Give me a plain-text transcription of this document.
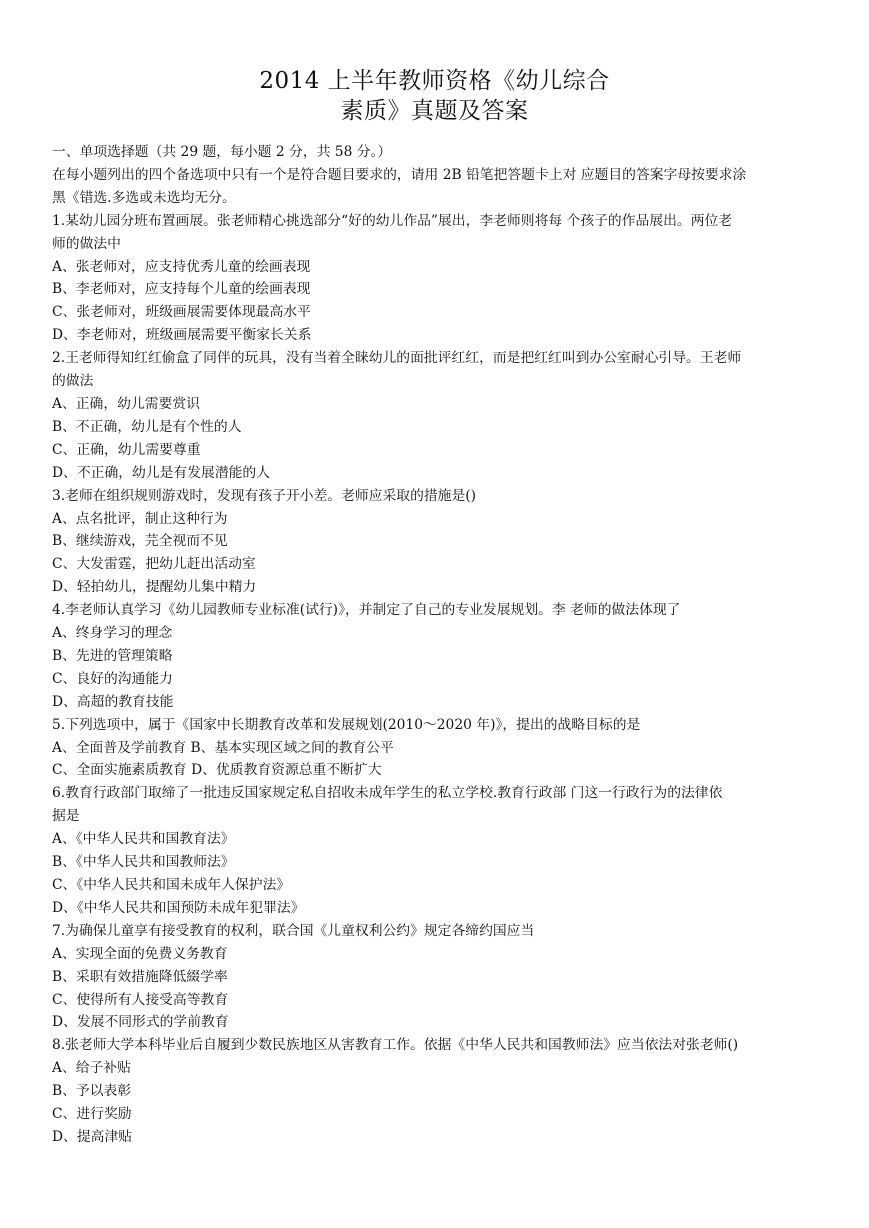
2014 上半年教师资格《幼儿综合
素质》真题及答案
一、单项选择题（共 29 题，每小题 2 分，共 58 分。）
在每小题列出的四个备选项中只有一个是符合题目要求的，请用 2B 铅笔把答题卡上对 应题目的答案字母按要求涂
黑《错选.多选或未选均无分。
1.某幼儿园分班布置画展。张老师精心挑选部分“好的幼儿作品”展出，李老师则将每 个孩子的作品展出。两位老
师的做法中
A、张老师对，应支持优秀儿童的绘画表现
B、李老师对，应支持每个儿童的绘画表现
C、张老师对，班级画展需要体现最高水平
D、李老师对，班级画展需要平衡家长关系
2.王老师得知红红偷盒了同伴的玩具，没有当着全睐幼儿的面批评红红，而是把红红叫到办公室耐心引导。王老师
的做法
A、正确，幼儿需要赏识
B、不正确，幼儿是有个性的人
C、正确，幼儿需要尊重
D、不正确，幼儿是有发展潜能的人
3.老师在组织规则游戏时，发现有孩子开小差。老师应采取的措施是()
A、点名批评，制止这种行为
B、继续游戏，芫全视而不见
C、大发雷霆，把幼儿赶出活动室
D、轻拍幼儿，提醒幼儿集中精力
4.李老师认真学习《幼儿园教师专业标准(试行)》，并制定了自己的专业发展规划。李 老师的做法体现了
A、终身学习的理念
B、先进的管理策略
C、良好的沟通能力
D、高超的教育技能
5.下列选项中，属于《国家中长期教育改革和发展规划(2010～2020 年)》，提出的战略目标的是
A、全面普及学前教育 B、基本实现区域之间的教育公平
C、全面实施素质教育 D、优质教育资源总重不断扩大
6.教育行政部门取缔了一批违反国家规定私自招收未成年学生的私立学校.教育行政部 门这一行政行为的法律依
据是
A、《中华人民共和国教育法》
B、《中华人民共和国教师法》
C、《中华人民共和国未成年人保护法》
D、《中华人民共和国预防未成年犯罪法》
7.为确保儿童享有接受教育的权利，联合国《儿童权利公约》规定各缔约国应当
A、实现全面的免费义务教育
B、采职有效措施降低綴学率
C、使得所有人接受高等教育
D、发展不同形式的学前教育
8.张老师大学本科毕业后自履到少数民族地区从害教育工作。依据《中华人民共和国教师法》应当依法对张老师()
A、给子补贴
B、予以表彰
C、进行奖励
D、提高津贴
